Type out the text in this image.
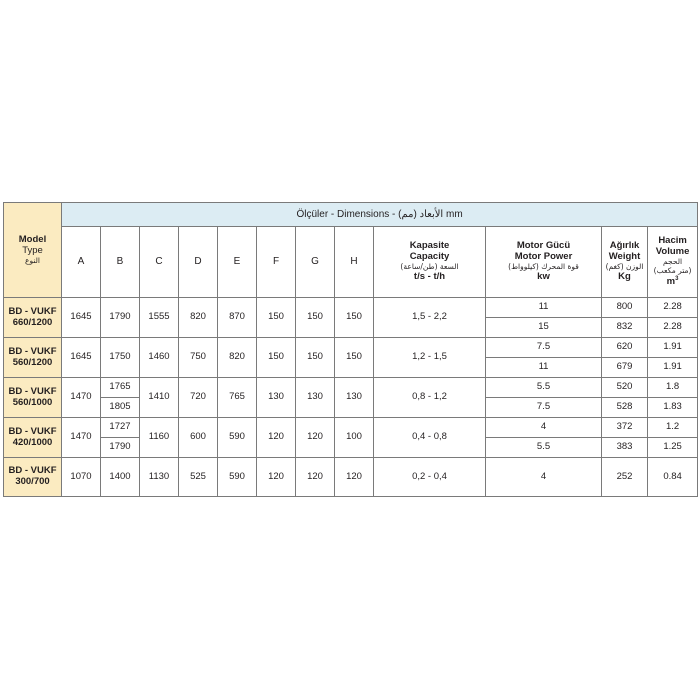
Model
Type
النوع	Ölçüler - Dimensions - (مم) الأبعاد mm											
	A	B	C	D	E	F	G	H	Kapasite
Capacity
السعة (طن/ساعة)
t/s - t/h	Motor Gücü
Motor Power
قوة المحرك (كيلوواط)
kw	Ağırlık
Weight
الوزن (كغم)
Kg	Hacim
Volume
الحجم
(متر مكعب)
$m^3$

BD - VUKF
660/1200	1645	1790	1555	820	870	150	150	150	1,5 - 2,2	11	800	2.28
										15	832	2.28

BD - VUKF
560/1200	1645	1750	1460	750	820	150	150	150	1,2 - 1,5	7.5	620	1.91
										11	679	1.91

BD - VUKF
560/1000	1470	1765	1410	720	765	130	130	130	0,8 - 1,2	5.5	520	1.8
		1805								7.5	528	1.83

BD - VUKF
420/1000	1470	1727	1160	600	590	120	120	100	0,4 - 0,8	4	372	1.2
		1790								5.5	383	1.25

BD - VUKF
300/700	1070	1400	1130	525	590	120	120	120	0,2 - 0,4	4	252	0.84
